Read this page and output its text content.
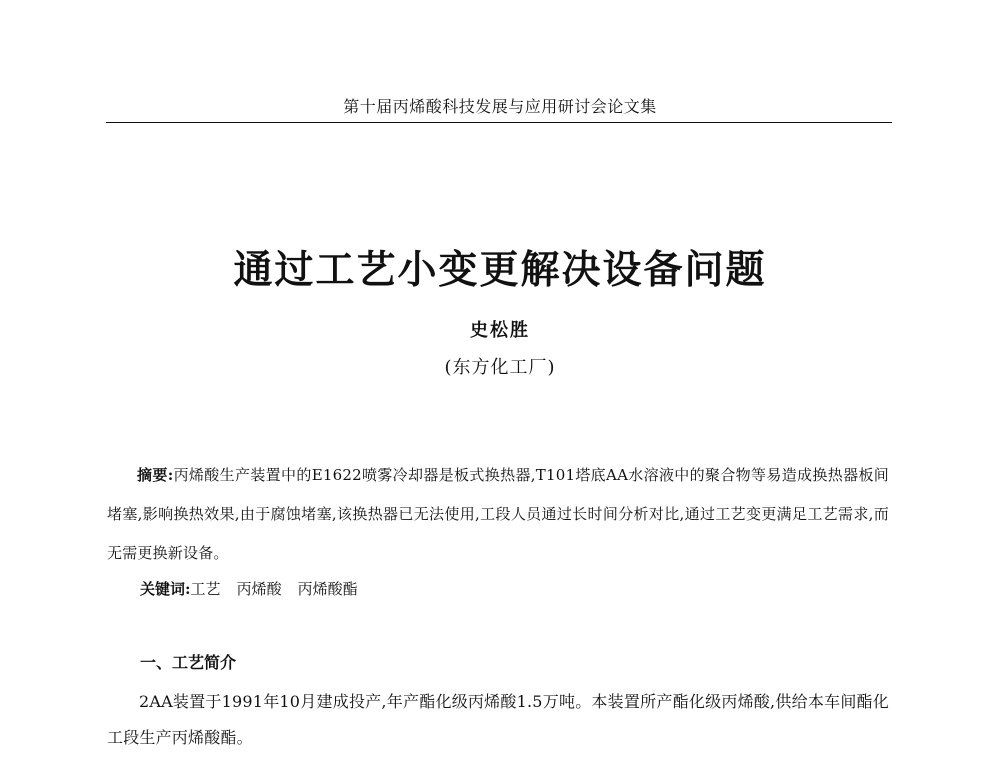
第十届丙烯酸科技发展与应用研讨会论文集
通过工艺小变更解决设备问题
史松胜
(东方化工厂)
摘要:丙烯酸生产装置中的E1622喷雾冷却器是板式换热器,T101塔底AA水溶液中的聚合物等易造成换热器板间堵塞,影响换热效果,由于腐蚀堵塞,该换热器已无法使用,工段人员通过长时间分析对比,通过工艺变更满足工艺需求,而无需更换新设备。
关键词:工艺 丙烯酸 丙烯酸酯
一、工艺简介
2AA装置于1991年10月建成投产,年产酯化级丙烯酸1.5万吨。本装置所产酯化级丙烯酸,供给本车间酯化工段生产丙烯酸酯。
